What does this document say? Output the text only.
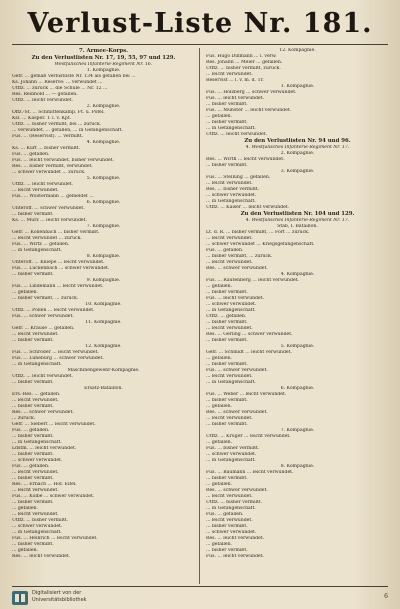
Verlust-Liste Nr. 181.
7. Armee-Korps.
Zu den Verlustlisten Nr. 17, 19, 55, 97 und 129.
Westfälisches Infanterie-Regiment Nr. 16.
1. Kompagnie.
Gefr. ... gemäß Verlustliste Nr. 134 als gefallen bei ...
Ks. Johann ... Reserve: ... verwundet ...
Utffz. ... zurück ... die Schule ... Nr. 12 ...
Res. Reinhold ... — gefallen.
Utffz. ... leicht verwundet.
2. Kompagnie.
Offz.-St. ... Schmittenkamp. Ft. u. Pofel.
Ksl. ... Kasper. T. l. v. Kpt.
Utffz. ... bisher vermißt, bei ... zurück.
... verwundet, ... gefallen, ... in Gefangenschaft.
Füs. ... (Reservist). ... vermißt.
4. Kompagnie.
Ks. ... Kurt ... bisher vermißt.
Füs. ... gefallen.
Füs. ... leicht verwundet, bisher verwundet.
Res. ... bisher vermißt, verwundet.
... schwer verwundet ... zurück.
5. Kompagnie.
Utffz. ... leicht verwundet.
... leicht verwundet.
Füs. ... Wüstermann ... gemeldet ...
6. Kompagnie.
Unteroff. ... schwer verwundet.
... bisher vermißt.
Ks. ... Mürz ... leicht verwundet.
7. Kompagnie.
Gefr. ... Kollenbach ... bisher vermißt.
... leicht verwundet ... zurück.
Füs. ... Wirtz ... gefallen.
... in Gefangenschaft.
8. Kompagnie.
Unteroff. ... Kniepe ... leicht verwundet.
Füs. ... Luckenbach ... schwer verwundet.
... bisher vermißt.
9. Kompagnie.
Füs. ... Lindemann ... leicht verwundet.
... gefallen.
... bisher vermißt, ... zurück.
10. Kompagnie.
Utffz. ... Pollen ... leicht verwundet.
Füs. ... schwer verwundet.
11. Kompagnie.
Gefr. ... Krause ... gefallen.
... leicht verwundet.
... bisher vermißt.
12. Kompagnie.
Füs. ... Schröder ... leicht verwundet.
Füs. ... Lüneburg ... schwer verwundet.
... in Gefangenschaft.
Maschinengewehr-Kompagnie.
Utffz. ... leicht verwundet.
... bisher vermißt.
Ersatz-Bataillon.
Ers.-Res. ... gefallen.
... leicht verwundet.
... bisher vermißt.
Res. ... schwer verwundet.
... zurück.
Gefr. ... Siebert ... leicht verwundet.
Füs. ... gefallen.
... bisher vermißt.
... in Gefangenschaft.
Ldstm. ... leicht verwundet.
... bisher vermißt.
... schwer verwundet.
Füs. ... gefallen.
... leicht verwundet.
... bisher vermißt.
Res. ... Erbach ... Hof. Eifel.
... leicht verwundet.
Füs. ... Kolbe ... schwer verwundet.
... bisher vermißt.
... gefallen.
... leicht verwundet.
Utffz. ... bisher vermißt.
... schwer verwundet.
... in Gefangenschaft.
Füs. ... Heinrich ... leicht verwundet.
... bisher vermißt.
... gefallen.
Res. ... leicht verwundet.
12. Kompagnie.
Füs. Hugo Dillmann ... l. verw.
Res. Johann ... Meier ... gefallen.
Utffz. ... bisher vermißt, zurück.
... leicht verwundet.
Reservist ... l. v. m. d. Tr.
1. Kompagnie.
Füs. ... Holzberg ... schwer verwundet.
Füs. ... leicht verwundet.
... bisher vermißt.
Füs. ... Münster ... leicht verwundet.
... gefallen.
... bisher vermißt.
... in Gefangenschaft.
Utffz. ... leicht verwundet.
Zu den Verlustlisten Nr. 94 und 96.
4. Westfälisches Infanterie-Regiment Nr. 17.
2. Kompagnie.
Res. ... Wirth ... leicht verwundet.
... bisher vermißt.
3. Kompagnie.
Füs. ... Stellung ... gefallen.
... leicht verwundet.
Res. ... bisher vermißt.
... schwer verwundet.
... in Gefangenschaft.
Utffz. ... Kaiser ... leicht verwundet.
Zu den Verlustlisten Nr. 104 und 129.
4. Westfälisches Infanterie-Regiment Nr. 17.
Stab, I. Bataillon.
Lt. d. R. ... bisher vermißt, ... Fort ... zurück.
... leicht verwundet.
... schwer verwundet ... Kriegsgefangenschaft.
Füs. ... gefallen.
... bisher vermißt, ... zurück.
... leicht verwundet.
Res. ... schwer verwundet.
4. Kompagnie.
Füs. ... Rautenberg ... leicht verwundet.
... gefallen.
... bisher vermißt.
Füs. ... leicht verwundet.
... schwer verwundet.
... in Gefangenschaft.
Utffz. ... gefallen.
... bisher vermißt.
... leicht verwundet.
Res. ... Gerling ... schwer verwundet.
... bisher vermißt.
5. Kompagnie.
Gefr. ... Schmidt ... leicht verwundet.
... gefallen.
... bisher vermißt.
Füs. ... schwer verwundet.
... leicht verwundet.
... in Gefangenschaft.
6. Kompagnie.
Füs. ... Weber ... leicht verwundet.
... bisher vermißt.
... gefallen.
Res. ... schwer verwundet.
... leicht verwundet.
... bisher vermißt.
7. Kompagnie.
Utffz. ... Krüger ... leicht verwundet.
... gefallen.
Füs. ... bisher vermißt.
... schwer verwundet.
... in Gefangenschaft.
8. Kompagnie.
Füs. ... Baumann ... leicht verwundet.
... bisher vermißt.
... gefallen.
Res. ... schwer verwundet.
... leicht verwundet.
Utffz. ... bisher vermißt.
... in Gefangenschaft.
Füs. ... gefallen.
... leicht verwundet.
... bisher vermißt.
... schwer verwundet.
Res. ... leicht verwundet.
... gefallen.
... bisher vermißt.
Füs. ... leicht verwundet.
Digitalisiert von der
Universitätsbibliothek	6
